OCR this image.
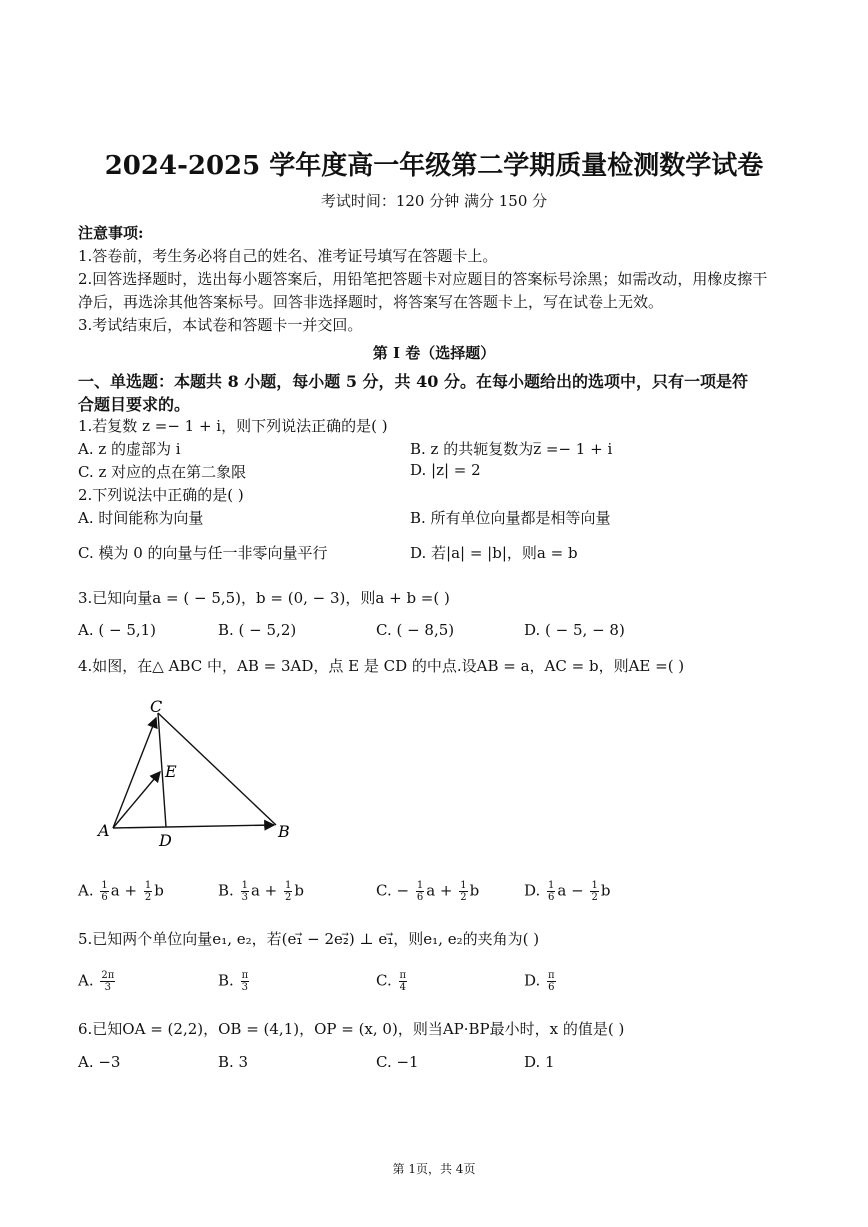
2024-2025 学年度高一年级第二学期质量检测数学试卷
考试时间：120 分钟 满分 150 分
注意事项:
1.答卷前，考生务必将自己的姓名、准考证号填写在答题卡上。
2.回答选择题时，选出每小题答案后，用铅笔把答题卡对应题目的答案标号涂黑；如需改动，用橡皮擦干
净后，再选涂其他答案标号。回答非选择题时，将答案写在答题卡上，写在试卷上无效。
3.考试结束后，本试卷和答题卡一并交回。
第 I 卷（选择题）
一、单选题：本题共 8 小题，每小题 5 分，共 40 分。在每小题给出的选项中，只有一项是符
合题目要求的。
1.若复数 z =− 1 + i，则下列说法正确的是( )
A. z 的虚部为 i	B. z 的共轭复数为z̅ =− 1 + i
C. z 对应的点在第二象限	D. |z| = 2
2.下列说法中正确的是( )
A. 时间能称为向量	B. 所有单位向量都是相等向量
C. 模为 0 的向量与任一非零向量平行	D. 若|a| = |b|，则a = b
3.已知向量a = ( − 5,5)，b = (0, − 3)，则a + b =( )
A. ( − 5,1)	B. ( − 5,2)	C. ( − 8,5)	D. ( − 5, − 8)
4.如图，在△ ABC 中，AB = 3AD，点 E 是 CD 的中点.设AB = a，AC = b，则AE =( )
C
E
A
D	B
A. $\frac{1}{6}$ $a + \frac{1}{2}$ b	B. $\frac{1}{3}$ $a + \frac{1}{2}$ b	C. − $\frac{1}{6}$ $a + \frac{1}{2}$ b	D. $\frac{1}{6}$ $a - \frac{1}{2}$ b
5.已知两个单位向量e₁, e₂，若(e₁⃗ − 2e₂⃗) ⊥ e₁⃗，则e₁, e₂的夹角为( )
A. $\frac{2\pi}{3}$	B. $\frac{\pi}{3}$	C. $\frac{\pi}{4}$	D. $\frac{\pi}{6}$
6.已知OA = (2,2)，OB = (4,1)，OP = (x, 0)，则当AP·BP最小时，x 的值是( )
A. −3	B. 3	C. −1	D. 1
第 1页，共 4页
